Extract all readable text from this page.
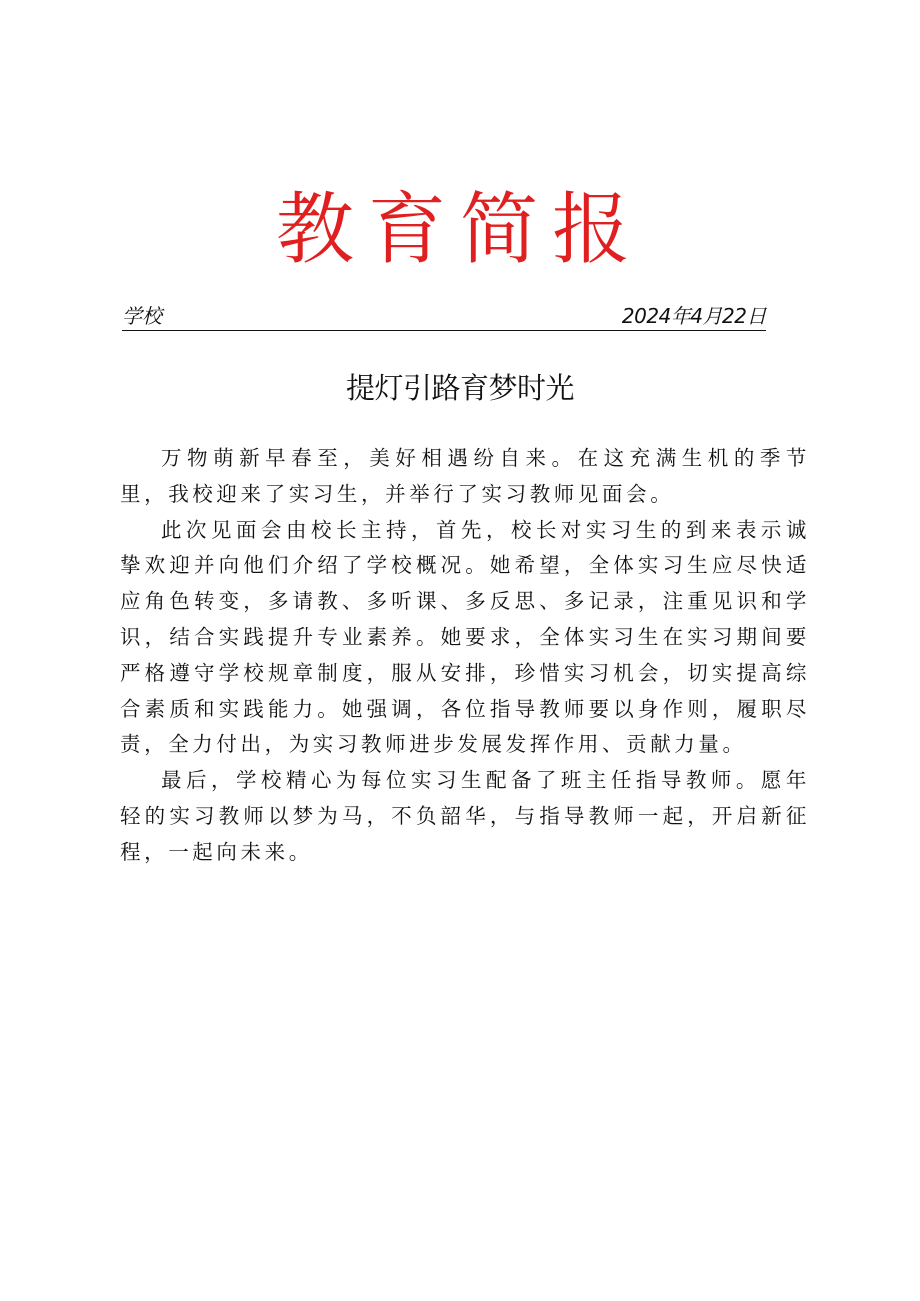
教育简报
学校	2024年4月22日
提灯引路育梦时光

万物萌新早春至，美好相遇纷自来。在这充满生机的季节里，我校迎来了实习生，并举行了实习教师见面会。

此次见面会由校长主持，首先，校长对实习生的到来表示诚挚欢迎并向他们介绍了学校概况。她希望，全体实习生应尽快适应角色转变，多请教、多听课、多反思、多记录，注重见识和学识，结合实践提升专业素养。她要求，全体实习生在实习期间要严格遵守学校规章制度，服从安排，珍惜实习机会，切实提高综合素质和实践能力。她强调，各位指导教师要以身作则，履职尽责，全力付出，为实习教师进步发展发挥作用、贡献力量。

最后，学校精心为每位实习生配备了班主任指导教师。愿年轻的实习教师以梦为马，不负韶华，与指导教师一起，开启新征程，一起向未来。
